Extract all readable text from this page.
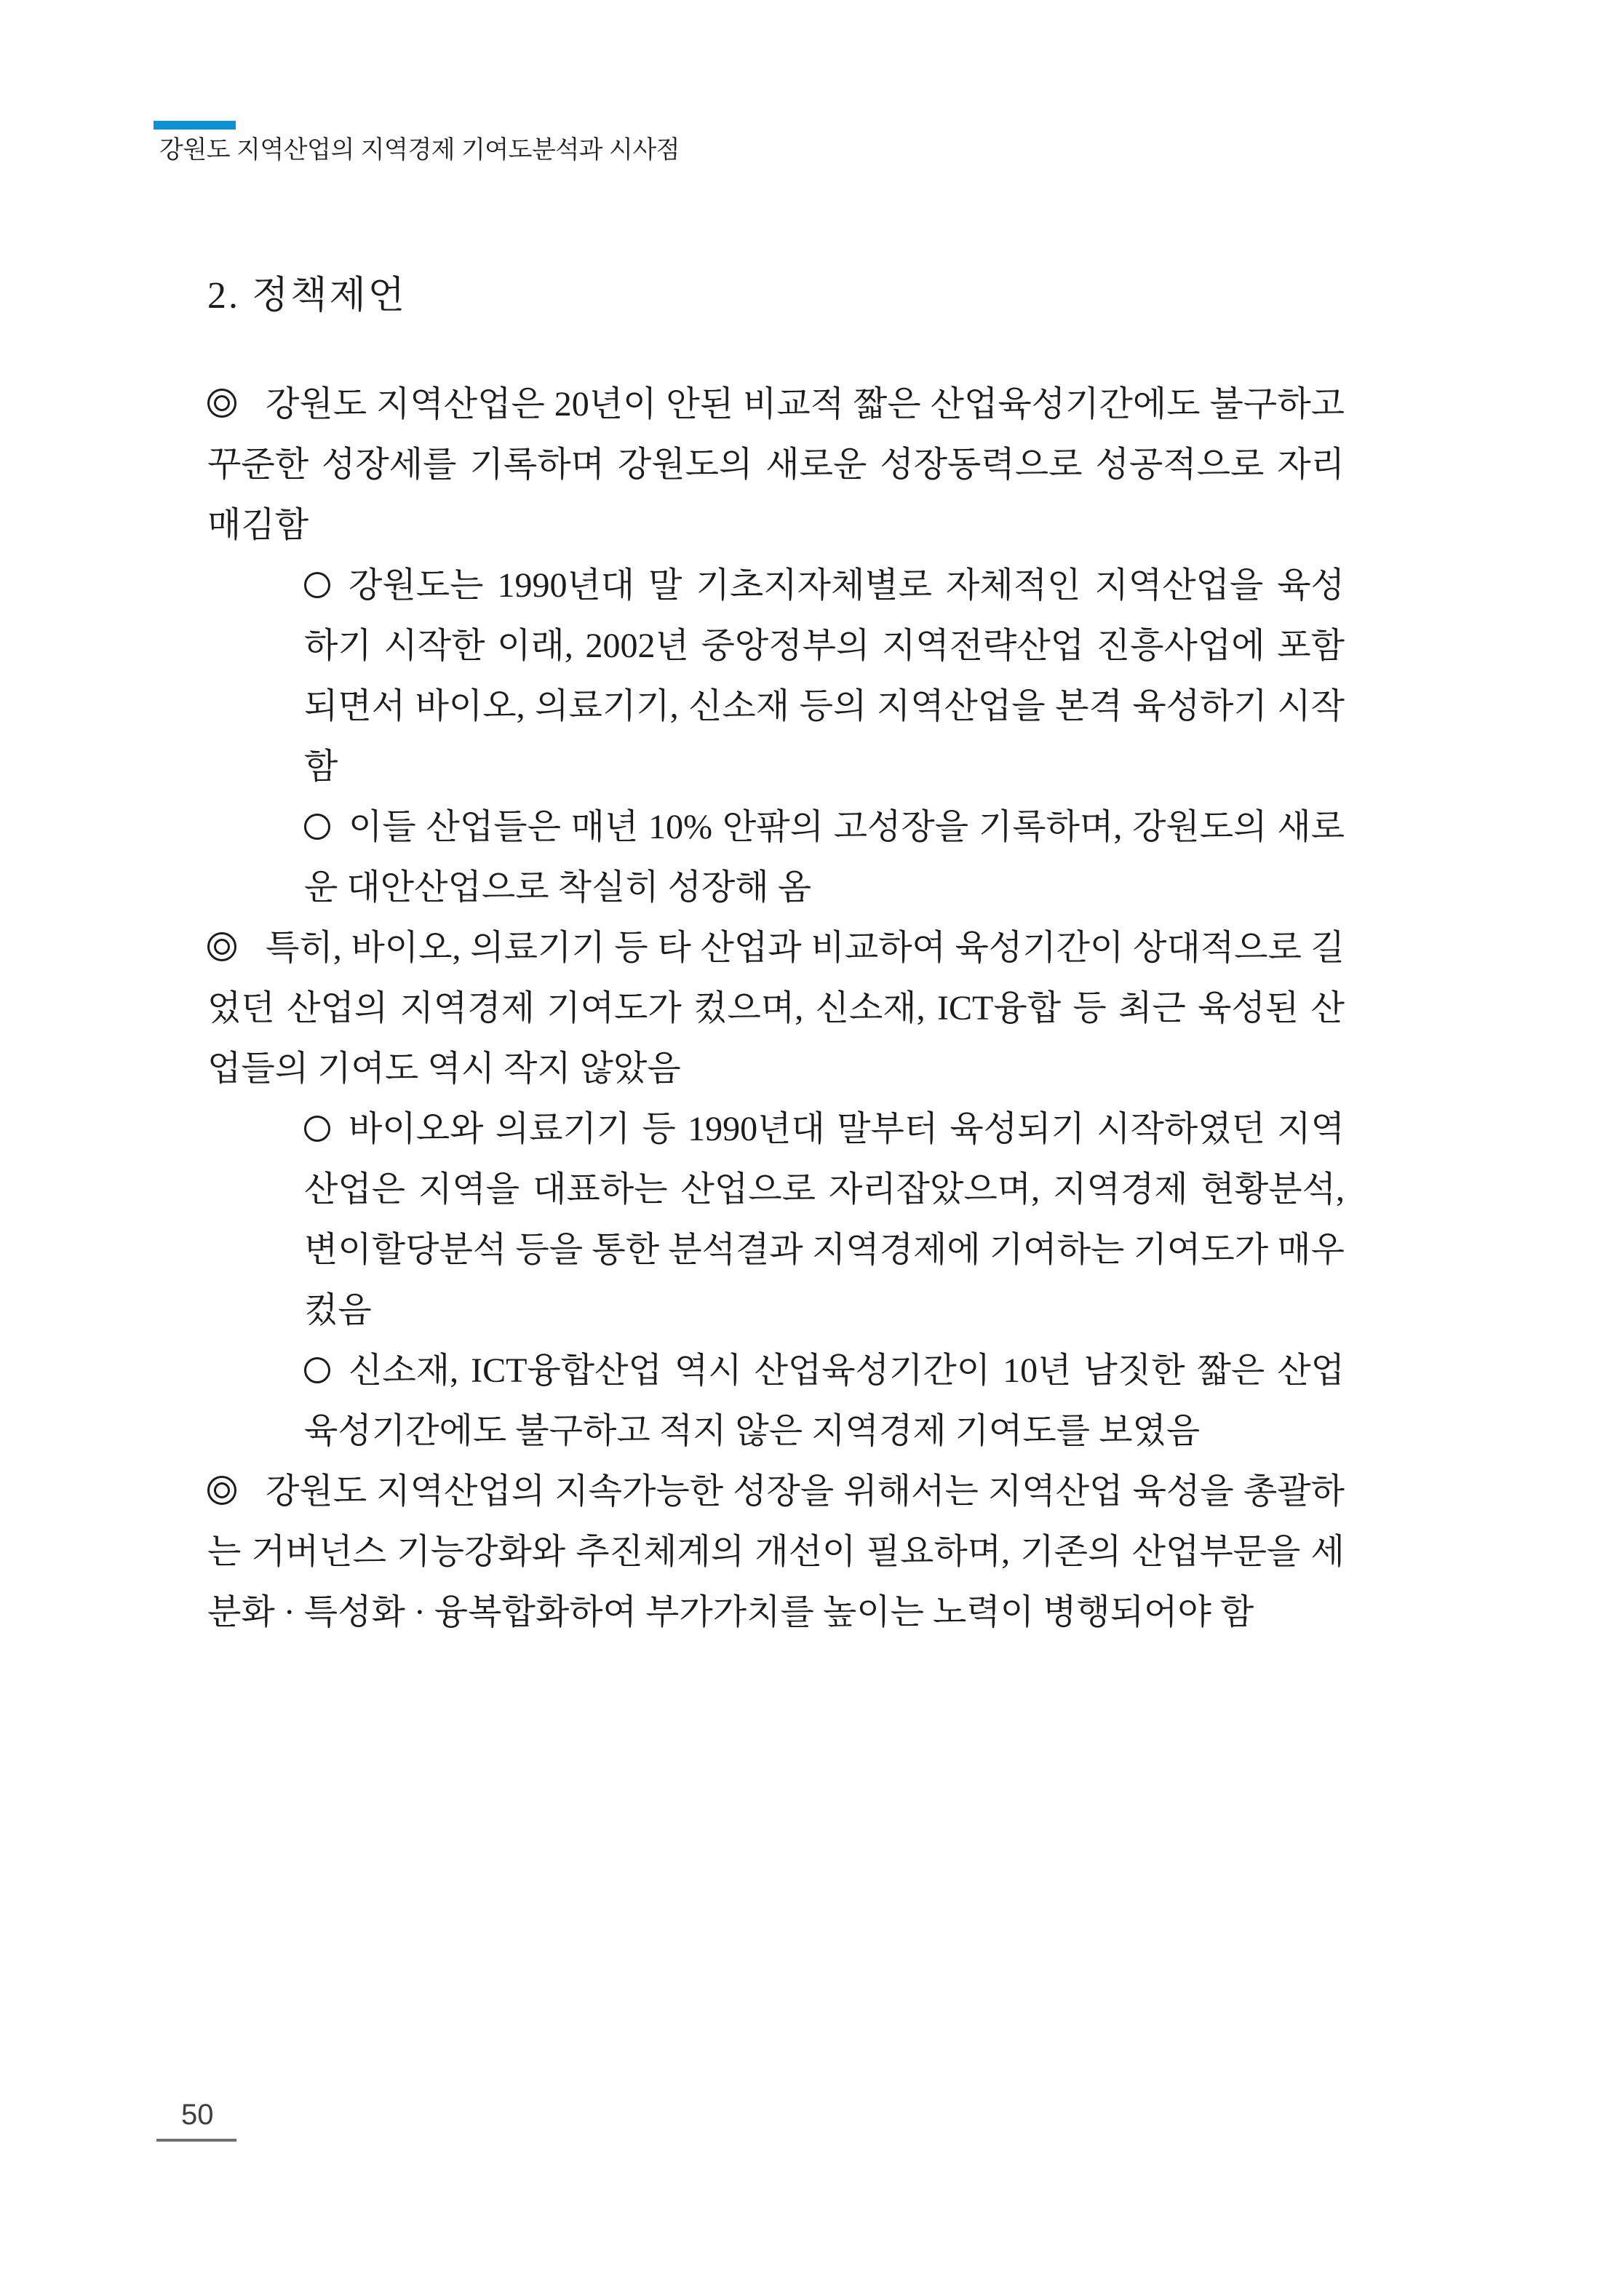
강원도 지역산업의 지역경제 기여도분석과 시사점
2. 정책제언

강원도 지역산업은 20년이 안된 비교적 짧은 산업육성기간에도 불구하고 꾸준한 성장세를 기록하며 강원도의 새로운 성장동력으로 성공적으로 자리매김함

강원도는 1990년대 말 기초지자체별로 자체적인 지역산업을 육성하기 시작한 이래, 2002년 중앙정부의 지역전략산업 진흥사업에 포함되면서 바이오, 의료기기, 신소재 등의 지역산업을 본격 육성하기 시작함

이들 산업들은 매년 10% 안팎의 고성장을 기록하며, 강원도의 새로운 대안산업으로 착실히 성장해 옴

특히, 바이오, 의료기기 등 타 산업과 비교하여 육성기간이 상대적으로 길었던 산업의 지역경제 기여도가 컸으며, 신소재, ICT융합 등 최근 육성된 산업들의 기여도 역시 작지 않았음

바이오와 의료기기 등 1990년대 말부터 육성되기 시작하였던 지역산업은 지역을 대표하는 산업으로 자리잡았으며, 지역경제 현황분석, 변이할당분석 등을 통한 분석결과 지역경제에 기여하는 기여도가 매우 컸음

신소재, ICT융합산업 역시 산업육성기간이 10년 남짓한 짧은 산업육성기간에도 불구하고 적지 않은 지역경제 기여도를 보였음

강원도 지역산업의 지속가능한 성장을 위해서는 지역산업 육성을 총괄하는 거버넌스 기능강화와 추진체계의 개선이 필요하며, 기존의 산업부문을 세분화 · 특성화 · 융복합화하여 부가가치를 높이는 노력이 병행되어야 함

50
